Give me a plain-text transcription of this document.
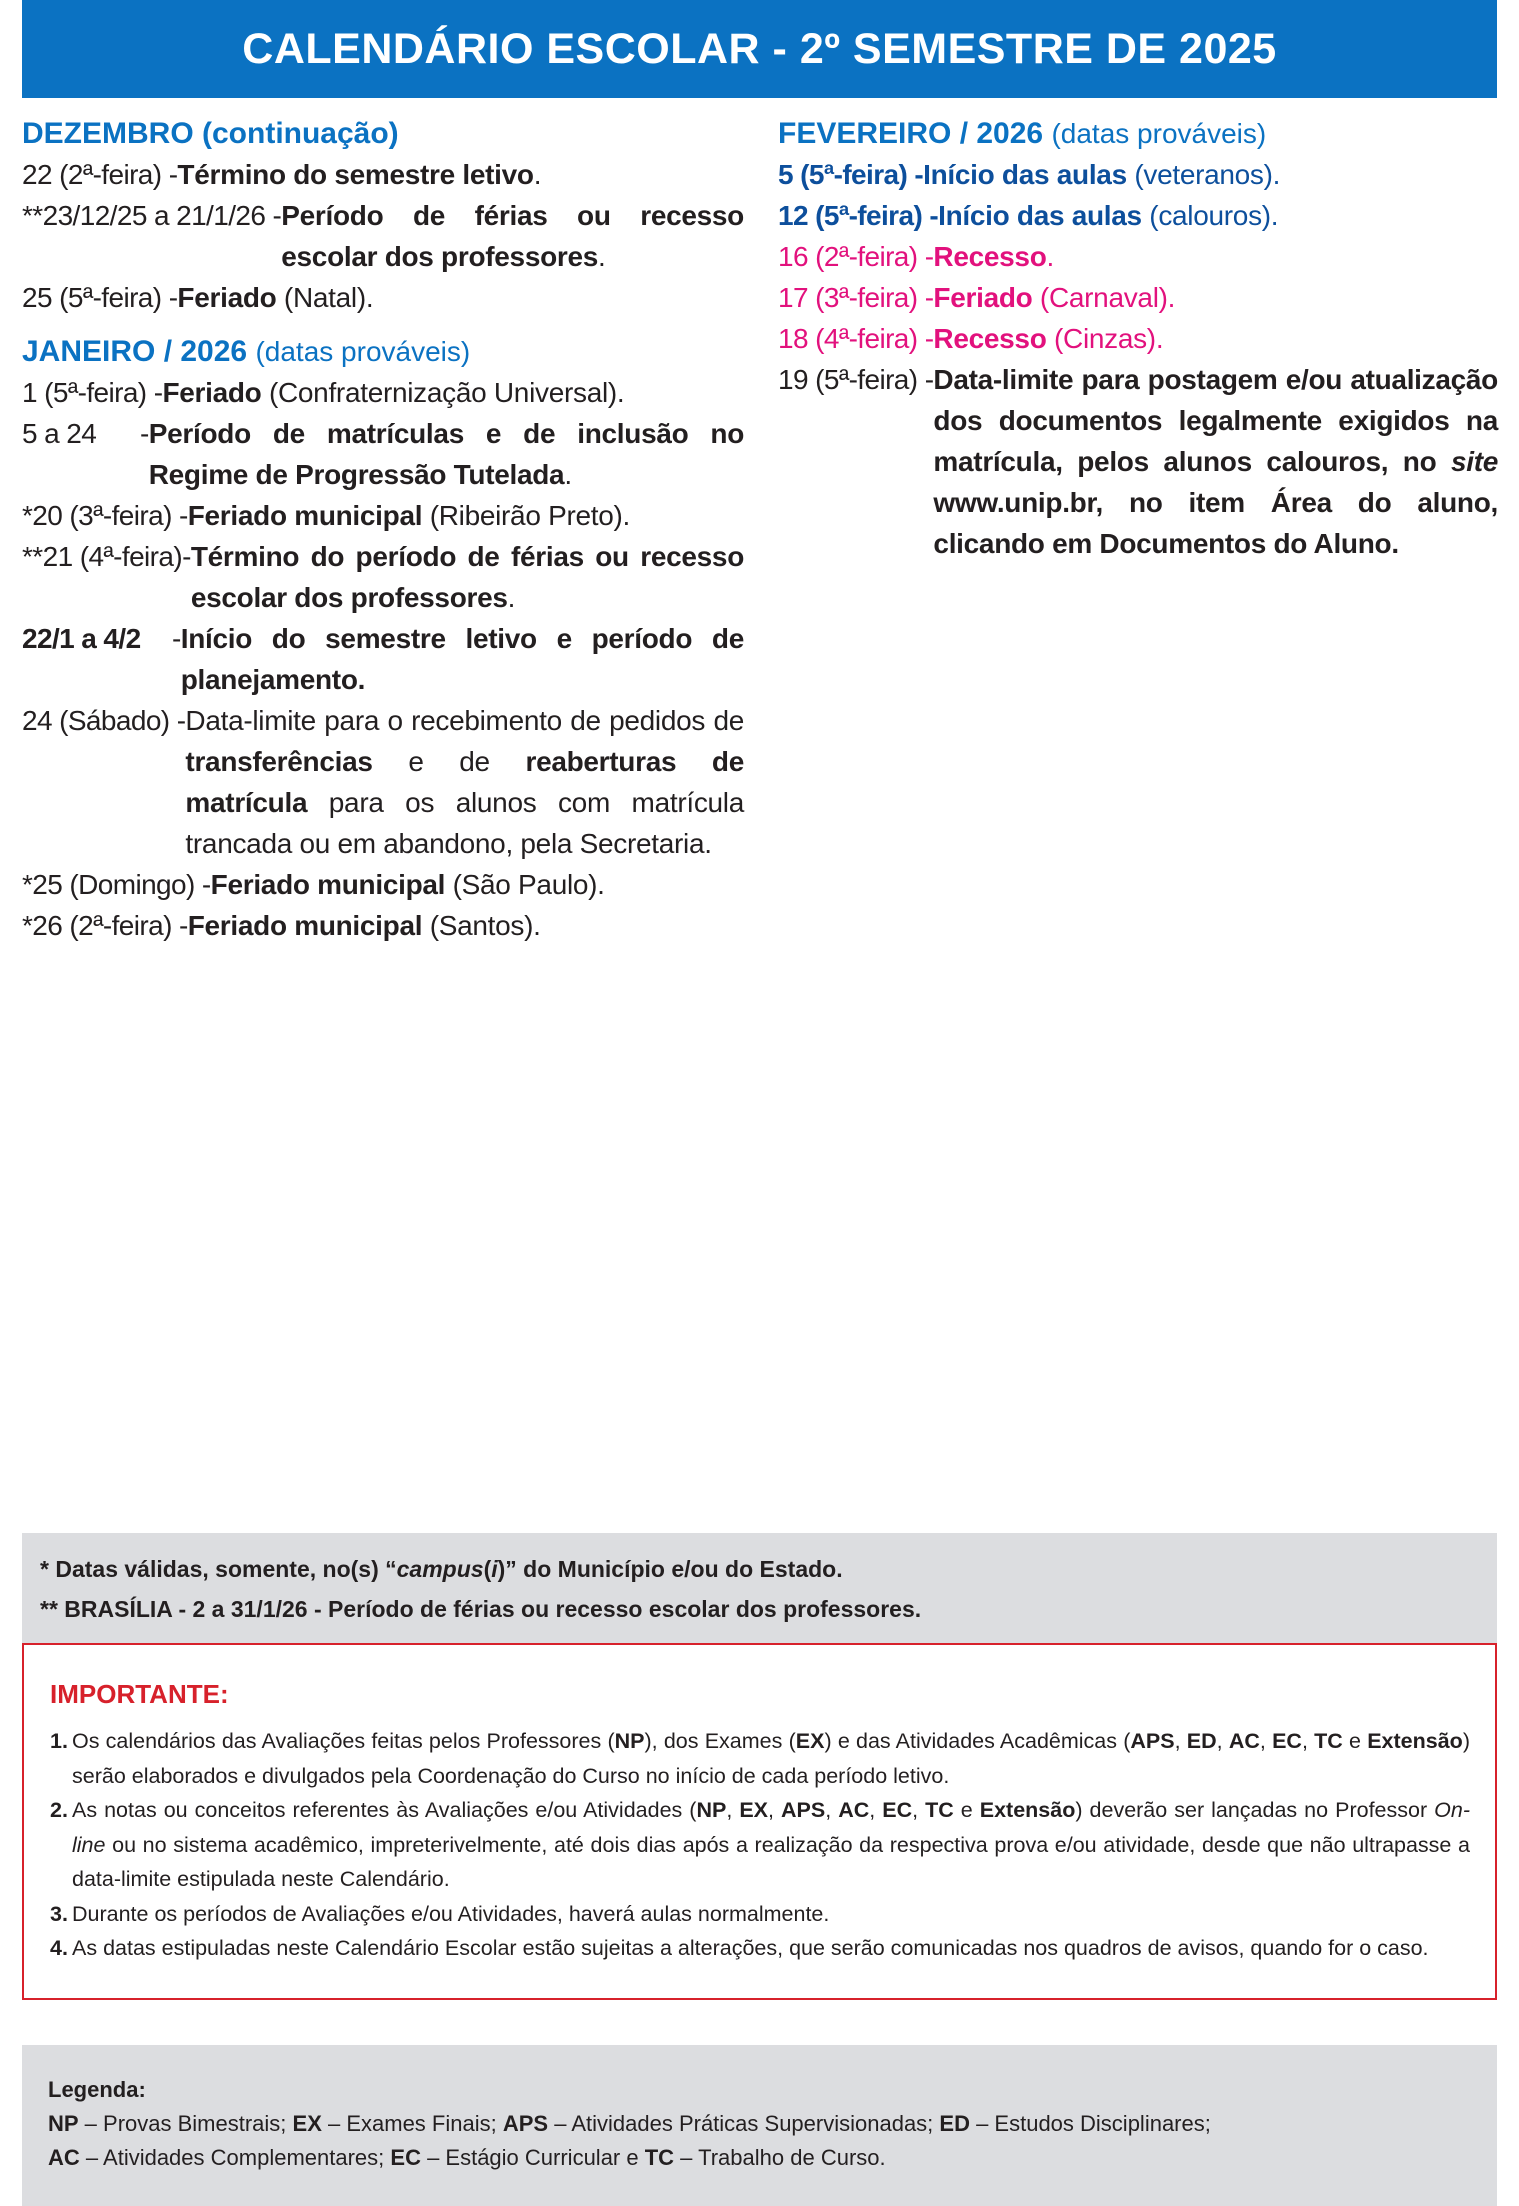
CALENDÁRIO ESCOLAR - 2º SEMESTRE DE 2025
DEZEMBRO (continuação)
22 (2ª-feira) - Término do semestre letivo.
**23/12/25 a 21/1/26 - Período de férias ou recesso escolar dos professores.
25 (5ª-feira) - Feriado (Natal).
JANEIRO / 2026 (datas prováveis)
1 (5ª-feira) - Feriado (Confraternização Universal).
5 a 24	- Período de matrículas e de inclusão no Regime de Progressão Tutelada.
*20 (3ª-feira) - Feriado municipal (Ribeirão Preto).
**21 (4ª-feira)- Término do período de férias ou recesso escolar dos professores.
22/1 a 4/2	- Início do semestre letivo e período de planejamento.
24 (Sábado) - Data-limite para o recebimento de pedidos de transferências e de reaberturas de matrícula para os alunos com matrícula trancada ou em abandono, pela Secretaria.
*25 (Domingo) - Feriado municipal (São Paulo).
*26 (2ª-feira) - Feriado municipal (Santos).
FEVEREIRO / 2026 (datas prováveis)
5 (5ª-feira) - Início das aulas (veteranos).
12 (5ª-feira) - Início das aulas (calouros).
16 (2ª-feira) - Recesso.
17 (3ª-feira) - Feriado (Carnaval).
18 (4ª-feira) - Recesso (Cinzas).
19 (5ª-feira) - Data-limite para postagem e/ou atualização dos documentos legalmente exigidos na matrícula, pelos alunos calouros, no site www.unip.br, no item Área do aluno, clicando em Documentos do Aluno.
* Datas válidas, somente, no(s) “campus(i)” do Município e/ou do Estado.
** BRASÍLIA - 2 a 31/1/26 - Período de férias ou recesso escolar dos professores.

IMPORTANTE:

1. Os calendários das Avaliações feitas pelos Professores (NP), dos Exames (EX) e das Atividades Acadêmicas (APS, ED, AC, EC, TC e Extensão) serão elaborados e divulgados pela Coordenação do Curso no início de cada período letivo.
2. As notas ou conceitos referentes às Avaliações e/ou Atividades (NP, EX, APS, AC, EC, TC e Extensão) deverão ser lançadas no Professor On-line ou no sistema acadêmico, impreterivelmente, até dois dias após a realização da respectiva prova e/ou atividade, desde que não ultrapasse a data-limite estipulada neste Calendário.
3. Durante os períodos de Avaliações e/ou Atividades, haverá aulas normalmente.
4. As datas estipuladas neste Calendário Escolar estão sujeitas a alterações, que serão comunicadas nos quadros de avisos, quando for o caso.

Legenda:

NP – Provas Bimestrais; EX – Exames Finais; APS – Atividades Práticas Supervisionadas; ED – Estudos Disciplinares;

AC – Atividades Complementares; EC – Estágio Curricular e TC – Trabalho de Curso.
